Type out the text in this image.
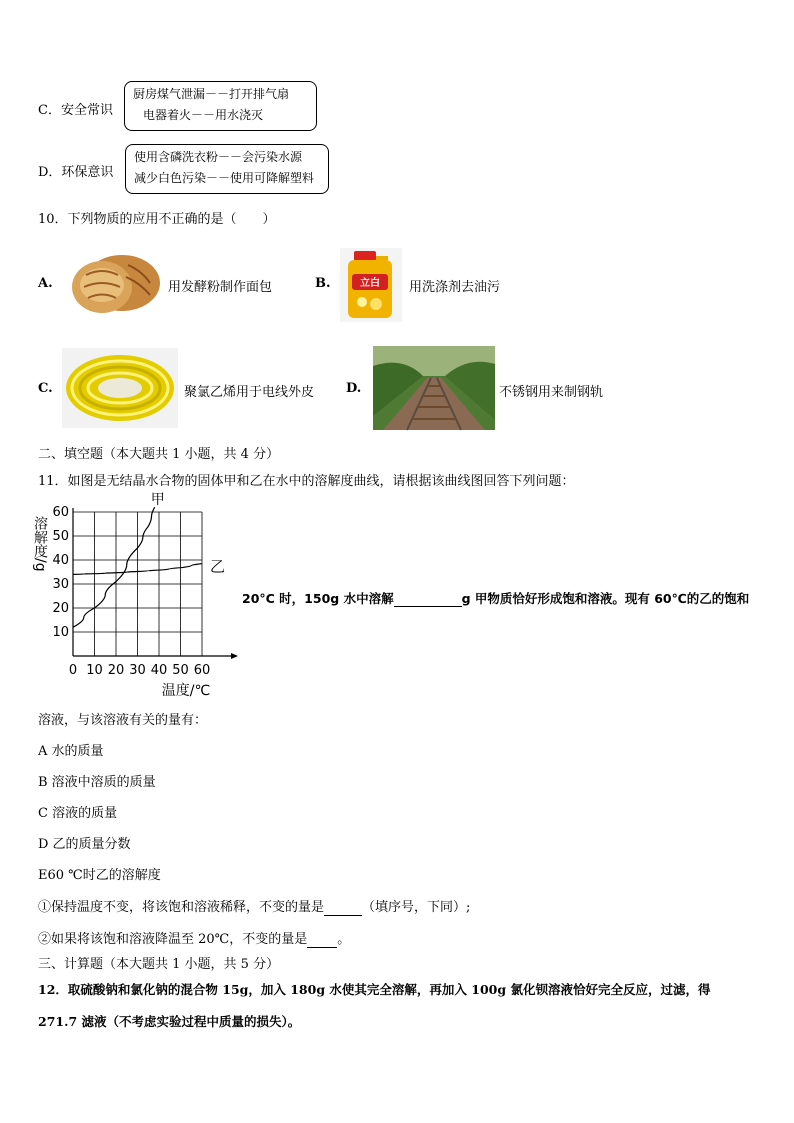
C．安全常识
厨房煤气泄漏－－打开排气扇
电器着火－－用水浇灭
D．环保意识
使用含磷洗衣粉－－会污染水源
减少白色污染－－使用可降解塑料
10．下列物质的应用不正确的是（　　）
A.	用发酵粉制作面包	B.	立白 用洗涤剂去油污
C.	聚氯乙烯用于电线外皮 D.	不锈钢用来制钢轨
二、填空题（本大题共 1 小题，共 4 分）
11．如图是无结晶水合物的固体甲和乙在水中的溶解度曲线，请根据该曲线图回答下列问题：
溶解度/g
温度/℃
0 10 20 30 40 50 60
10
20
30
40
50
60
甲
乙
20°C 时，150g 水中溶解	g 甲物质恰好形成饱和溶液。现有 60℃的乙的饱和
溶液，与该溶液有关的量有：
A 水的质量
B 溶液中溶质的质量
C 溶液的质量
D 乙的质量分数
E60 ℃时乙的溶解度
①保持温度不变，将该饱和溶液稀释，不变的量是	（填序号，下同）;
②如果将该饱和溶液降温至 20℃，不变的量是 。
三、计算题（本大题共 1 小题，共 5 分）
12．取硫酸钠和氯化钠的混合物 15g，加入 180g 水使其完全溶解，再加入 100g 氯化钡溶液恰好完全反应，过滤，得
271.7 滤液（不考虑实验过程中质量的损失）。
